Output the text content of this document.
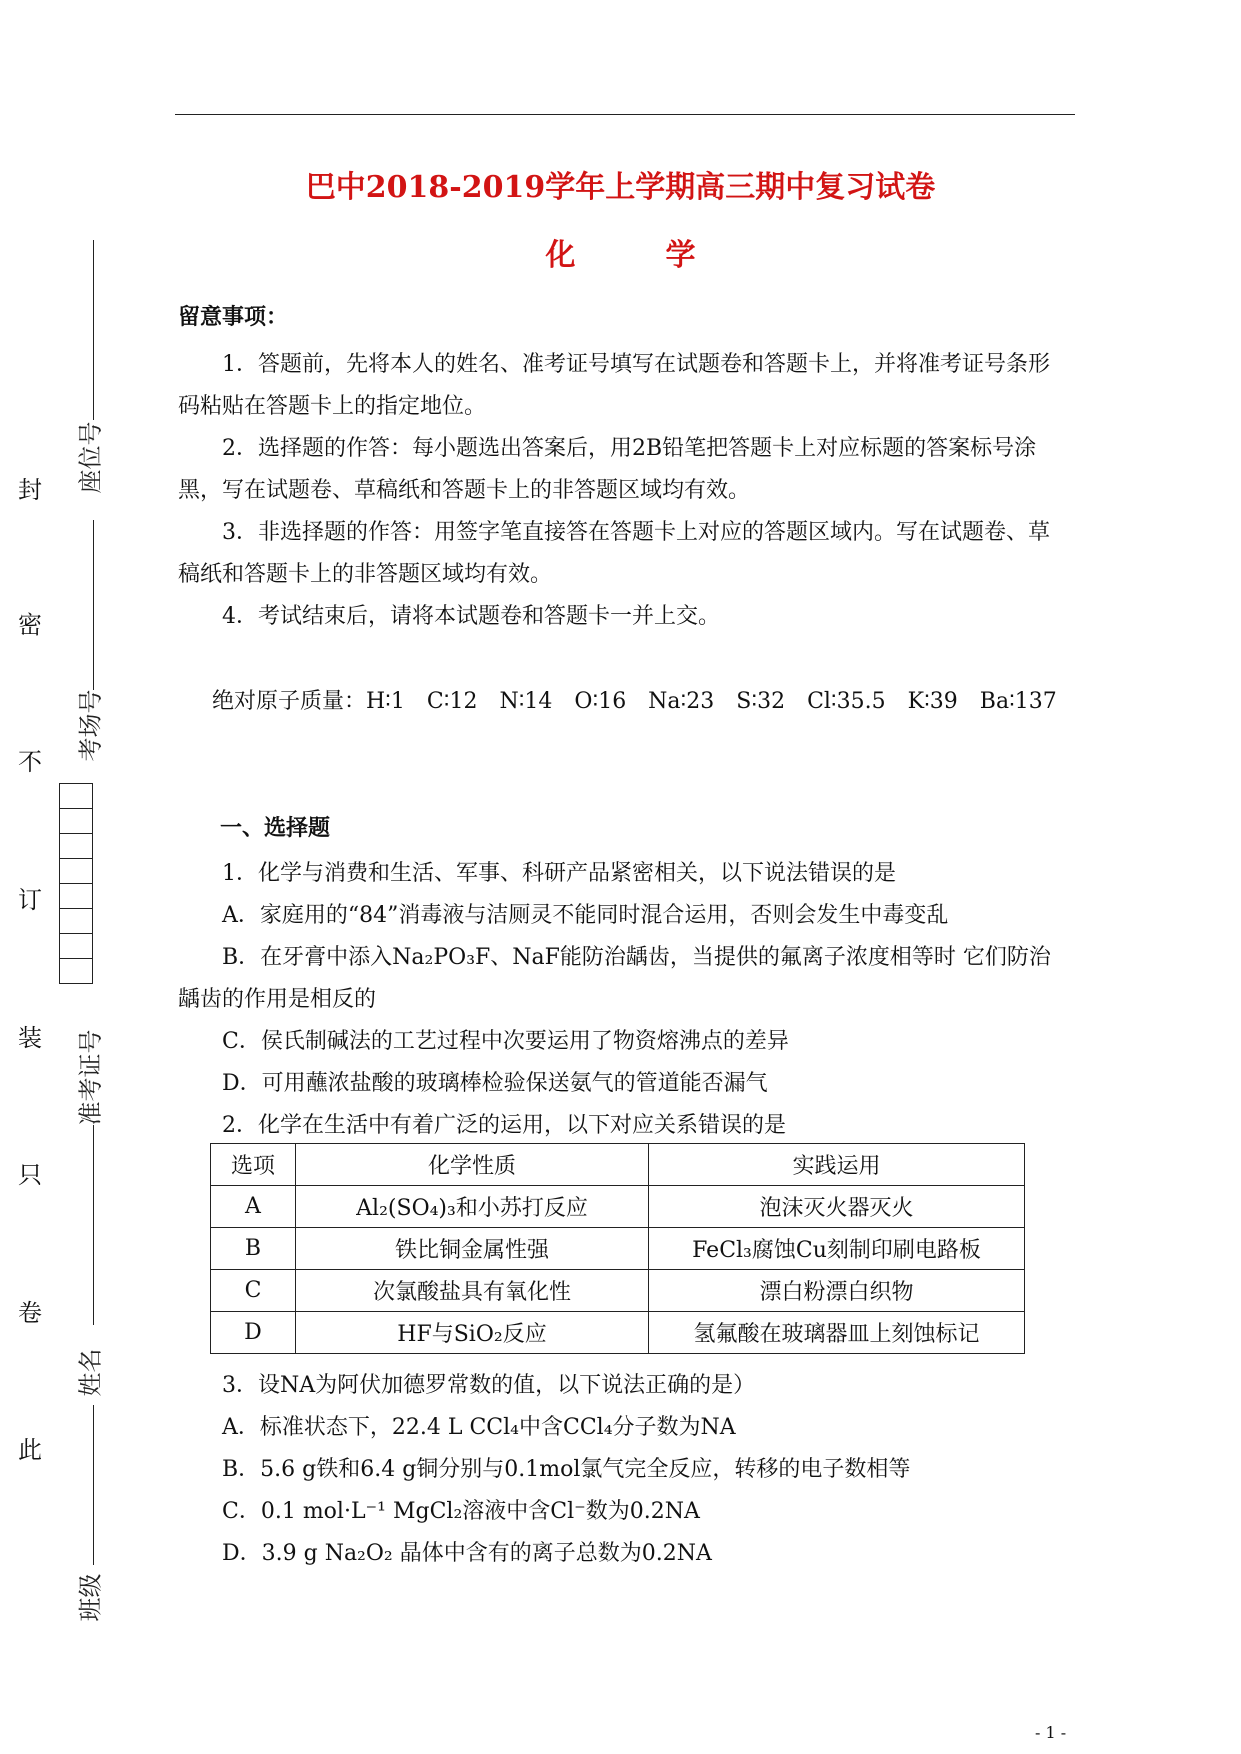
封
密
不
订
装
只
卷
此
座位号
考场号
准考证号
姓名
班级
巴中2018-2019学年上学期高三期中复习试卷
化　学
留意事项：

1．答题前，先将本人的姓名、准考证号填写在试题卷和答题卡上，并将准考证号条形码粘贴在答题卡上的指定地位。

2．选择题的作答：每小题选出答案后，用2B铅笔把答题卡上对应标题的答案标号涂黑，写在试题卷、草稿纸和答题卡上的非答题区域均有效。

3．非选择题的作答：用签字笔直接答在答题卡上对应的答题区域内。写在试题卷、草稿纸和答题卡上的非答题区域均有效。

4．考试结束后，请将本试题卷和答题卡一并上交。

绝对原子质量：H∶1　C∶12　N∶14　O∶16　Na∶23　S∶32　Cl∶35.5　K∶39　Ba∶137

一、选择题

1．化学与消费和生活、军事、科研产品紧密相关，以下说法错误的是

A．家庭用的“84”消毒液与洁厕灵不能同时混合运用，否则会发生中毒变乱

B．在牙膏中添入Na₂PO₃F、NaF能防治龋齿，当提供的氟离子浓度相等时 它们防治龋齿的作用是相反的

C．侯氏制碱法的工艺过程中次要运用了物资熔沸点的差异

D．可用蘸浓盐酸的玻璃棒检验保送氨气的管道能否漏气

2．化学在生活中有着广泛的运用，以下对应关系错误的是

选项	化学性质	实践运用
A	Al₂(SO₄)₃和小苏打反应	泡沫灭火器灭火
B	铁比铜金属性强	FeCl₃腐蚀Cu刻制印刷电路板
C	次氯酸盐具有氧化性	漂白粉漂白织物
D	HF与SiO₂反应	氢氟酸在玻璃器皿上刻蚀标记

3．设NA为阿伏加德罗常数的值，以下说法正确的是）

A．标准状态下，22.4 L CCl₄中含CCl₄分子数为NA

B．5.6 g铁和6.4 g铜分别与0.1mol氯气完全反应，转移的电子数相等

C．0.1 mol·L⁻¹ MgCl₂溶液中含Cl⁻数为0.2NA

D．3.9 g Na₂O₂ 晶体中含有的离子总数为0.2NA

- 1 -
